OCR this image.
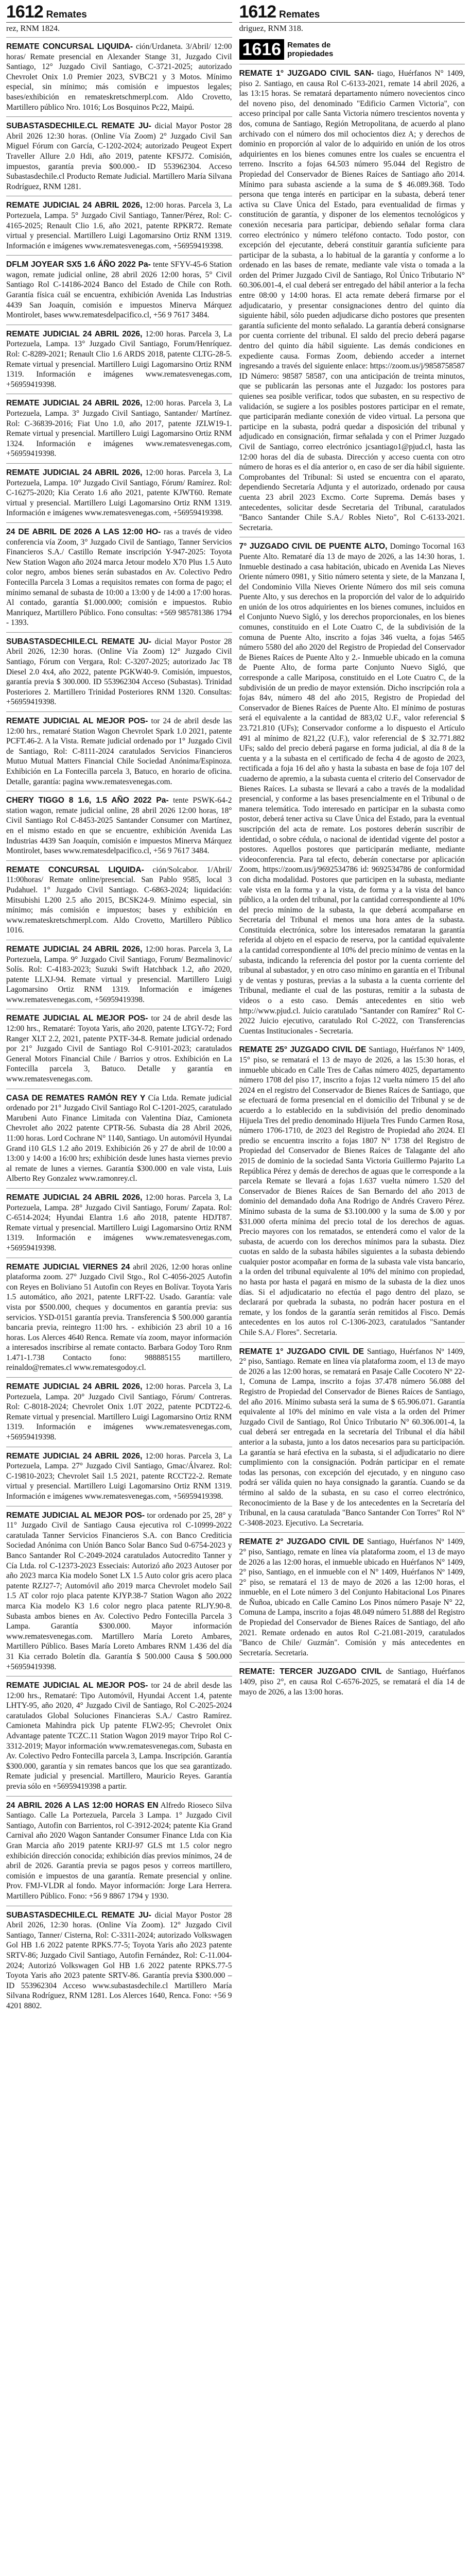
1612 Remates
rez, RNM 1824.

REMATE CONCURSAL LIQUIDA- ción/Urdaneta. 3/Abril/ 12:00 horas/ Remate presencial en Alexander Stange 31, Juzgado Civil Santiago, 12° Juzgado Civil Santiago, C-3721-2025; autorizado Chevrolet Onix 1.0 Premier 2023, SVBC21 y 3 Motos. Mínimo especial, sin mínimo; más comisión e impuestos legales; bases/exhibición en remateskretschmerpl.com. Aldo Crovetto, Martillero público Nro. 1016; Los Bosquinos Pc22, Maipú.

SUBASTASDECHILE.CL REMATE JU- dicial Mayor Postor 28 Abril 2026 12:30 horas. (Online Vía Zoom) 2° Juzgado Civil San Miguel Fórum con García, C-1202-2024; autorizado Peugeot Expert Traveller Allure 2.0 Hdi, año 2019, patente KFSJ72. Comisión, impuestos, garantía previa $00.000.- ID 553962304. Acceso Subastasdechile.cl Producto Remate Judicial. Martillero María Silvana Rodríguez, RNM 1281.

REMATE JUDICIAL 24 ABRIL 2026, 12:00 horas. Parcela 3, La Portezuela, Lampa. 5° Juzgado Civil Santiago, Tanner/Pérez, Rol: C-4165-2025; Renault Clio 1.6, año 2021, patente RPKR72. Remate virtual y presencial. Martillero Luigi Lagomarsino Ortiz RNM 1319. Información e imágenes www.rematesvenegas.com, +56959419398.

DFLM JOYEAR SX5 1.6 ÁÑO 2022 Pa- tente SFYV-45-6 Station wagon, remate judicial online, 28 abril 2026 12:00 horas, 5° Civil Santiago Rol C-14186-2024 Banco del Estado de Chile con Roth. Garantía física cuál se encuentra, exhibición Avenida Las Industrias 4439 San Joaquín, comisión e impuestos Minerva Márquez Montirolet, bases www.rematesdelpacifico.cl, +56 9 7617 3484.

REMATE JUDICIAL 24 ABRIL 2026, 12:00 horas. Parcela 3, La Portezuela, Lampa. 13° Juzgado Civil Santiago, Forum/Henríquez. Rol: C-8289-2021; Renault Clio 1.6 ARDS 2018, patente CLTG-28-5. Remate virtual y presencial. Martillero Luigi Lagomarsino Ortiz RNM 1319. Información e imágenes www.rematesvenegas.com, +56959419398.

REMATE JUDICIAL 24 ABRIL 2026, 12:00 horas. Parcela 3, La Portezuela, Lampa. 3° Juzgado Civil Santiago, Santander/ Martínez. Rol: C-36839-2016; Fiat Uno 1.0, año 2017, patente JZLW19-1. Remate virtual y presencial. Martillero Luigi Lagomarsino Ortiz RNM 1324. Información e imágenes www.rematesvenegas.com, +56959419398.

REMATE JUDICIAL 24 ABRIL 2026, 12:00 horas. Parcela 3, La Portezuela, Lampa. 10° Juzgado Civil Santiago, Fórum/ Ramírez. Rol: C-16275-2020; Kia Cerato 1.6 año 2021, patente KJWT60. Remate virtual y presencial. Martillero Luigi Lagomarsino Ortiz RNM 1319. Información e imágenes www.rematesvenegas.com, +56959419398.

24 DE ABRIL DE 2026 A LAS 12:00 HO- ras a través de video conferencia vía Zoom, 3° Juzgado Civil de Santiago, Tanner Servicios Financieros S.A./ Castillo Remate inscripción Y-947-2025: Toyota New Station Wagon año 2024 marca Jetour modelo X70 Plus 1.5 Auto color negro, ambos bienes serán subastados en Av. Colectivo Pedro Fontecilla Parcela 3 Lomas a requisitos remates con forma de pago; el mínimo semanal de subasta de 10:00 a 13:00 y de 14:00 a 17:00 horas. Al contado, garantía $1.000.000; comisión e impuestos. Rubio Manriquez, Martillero Público. Fono consultas: +569 985781386 1794 - 1393.

SUBASTASDECHILE.CL REMATE JU- dicial Mayor Postor 28 Abril 2026, 12:30 horas. (Online Vía Zoom) 12° Juzgado Civil Santiago, Fórum con Vergara, Rol: C-3207-2025; autorizado Jac T8 Diesel 2.0 4x4, año 2022, patente PGKW40-9. Comisión, impuestos, garantía previa $ 300.000. ID 553962304 Acceso (Subastas). Trinidad Posteriores 2. Martillero Trinidad Posteriores RNM 1320. Consultas: +56959419398.

REMATE JUDICIAL AL MEJOR POS- tor 24 de abril desde las 12:00 hrs., remataré Station Wagon Chevrolet Spark 1.0 2021, patente PCFT.46-2. A la Vista. Remate judicial ordenado por 1° Juzgado Civil de Santiago, Rol: C-8111-2024 caratulados Servicios Financieros Mutuo Mutual Matters Financial Chile Sociedad Anónima/Espinoza. Exhibición en La Fontecilla parcela 3, Batuco, en horario de oficina. Detalle, garantía: pagina www.rematesvenegas.com.

CHERY TIGGO 8 1.6, 1.5 AÑO 2022 Pa- tente PSWK-64-2 station wagon, remate judicial online, 28 abril 2026 12:00 horas, 18° Civil Santiago Rol C-8453-2025 Santander Consumer con Martínez, en el mismo estado en que se encuentre, exhibición Avenida Las Industrias 4439 San Joaquín, comisión e impuestos Minerva Márquez Montirolet, bases www.rematesdelpacifico.cl, +56 9 7617 3484.

REMATE CONCURSAL LIQUIDA- ción/Solcabor. 1/Abril/ 11:00horas/ Remate online/presencial. San Pablo 9585, local 3 Pudahuel. 1° Juzgado Civil Santiago. C-6863-2024; liquidación: Mitsubishi L200 2.5 año 2015, BCSK24-9. Mínimo especial, sin mínimo; más comisión e impuestos; bases y exhibición en www.remateskretschmerpl.com. Aldo Crovetto, Martillero Público 1016.

REMATE JUDICIAL 24 ABRIL 2026, 12:00 horas. Parcela 3, La Portezuela, Lampa. 9° Juzgado Civil Santiago, Forum/ Bezmalinovic/ Solís. Rol: C-4183-2023; Suzuki Swift Hatchback 1.2, año 2020, patente LLXJ-94. Remate virtual y presencial. Martillero Luigi Lagomarsino Ortiz RNM 1319. Información e imágenes www.rematesvenegas.com, +56959419398.

REMATE JUDICIAL AL MEJOR POS- tor 24 de abril desde las 12:00 hrs., Remataré: Toyota Yaris, año 2020, patente LTGY-72; Ford Ranger XLT 2.2, 2021, patente PXTF-34-8. Remate judicial ordenado por 21° Juzgado Civil de Santiago Rol C-9101-2023; caratulados General Motors Financial Chile / Barrios y otros. Exhibición en La Fontecilla parcela 3, Batuco. Detalle y garantía en www.rematesvenegas.com.

CASA DE REMATES RAMÓN REY Y Cía Ltda. Remate judicial ordenado por 21° Juzgado Civil Santiago Rol C-1201-2025, caratulado Marubeni Auto Finance Limitada con Valentina Díaz, Camioneta Chevrolet año 2022 patente CPTR-56. Subasta día 28 Abril 2026, 11:00 horas. Lord Cochrane N° 1140, Santiago. Un automóvil Hyundai Grand i10 GLS 1.2 año 2019. Exhibición 26 y 27 de abril de 10:00 a 13:00 y 14:00 a 16:00 hrs; exhibición desde lunes hasta viernes previo al remate de lunes a viernes. Garantía $300.000 en vale vista, Luis Alberto Rey Gonzalez www.ramonrey.cl.

REMATE JUDICIAL 24 ABRIL 2026, 12:00 horas. Parcela 3, La Portezuela, Lampa. 28° Juzgado Civil Santiago, Forum/ Zapata. Rol: C-6514-2024; Hyundai Elantra 1.6 año 2018, patente HDJT87. Remate virtual y presencial. Martillero Luigi Lagomarsino Ortiz RNM 1319. Información e imágenes www.rematesvenegas.com, +56959419398.

REMATE JUDICIAL VIERNES 24 abril 2026, 12:00 horas online plataforma zoom. 27° Juzgado Civil Stgo., Rol C-4056-2025 Autofin con Reyes en Boliviano 51 Autofin con Reyes en Bolívar. Toyota Yaris 1.5 automático, año 2021, patente LRFT-22. Usado. Garantía: vale vista por $500.000, cheques y documentos en garantía previa: sus servicios. YSD-0151 garantía previa. Transferencia $ 500.000 garantía bancaria previa, reintegro 11:00 hrs. - exhibición 23 abril 10 a 16 horas. Los Alerces 4640 Renca. Remate vía zoom, mayor información a interesados inscribirse al remate contacto. Barbara Godoy Toro Rnm 1.471-1.738 Contacto fono: 988885155 martillero, reinaldo@remates.cl www.rematesgodoy.cl.

REMATE JUDICIAL 24 ABRIL 2026, 12:00 horas. Parcela 3, La Portezuela, Lampa. 20° Juzgado Civil Santiago, Fórum/ Contreras. Rol: C-8018-2024; Chevrolet Onix 1.0T 2022, patente PCDT22-6. Remate virtual y presencial. Martillero Luigi Lagomarsino Ortiz RNM 1319. Información e imágenes www.rematesvenegas.com, +56959419398.

REMATE JUDICIAL 24 ABRIL 2026, 12:00 horas. Parcela 3, La Portezuela, Lampa. 27° Juzgado Civil Santiago, Gmac/Álvarez. Rol: C-19810-2023; Chevrolet Sail 1.5 2021, patente RCCT22-2. Remate virtual y presencial. Martillero Luigi Lagomarsino Ortiz RNM 1319. Información e imágenes www.rematesvenegas.com, +56959419398.

REMATE JUDICIAL AL MEJOR POS- tor ordenado por 25, 28° y 11° Juzgado Civil de Santiago Causa ejecutiva rol C-10999-2022 caratulada Tanner Servicios Financieros S.A. con Banco Crediticia Sociedad Anónima con Unión Banco Solar Banco Sud 0-6754-2023 y Banco Santander Rol C-2049-2024 caratulados Autocredito Tanner y Cía Ltda. rol C-12373-2023 Esseciais: Autorizó año 2023 Autoser por año 2023 marca Kia modelo Sonet LX 1.5 Auto color gris acero placa patente RZJ27-7; Automóvil año 2019 marca Chevrolet modelo Sail 1.5 AT color rojo placa patente KJYP.38-7 Station Wagon año 2022 marca Kia modelo K3 1.6 color negro placa patente RLJY.90-8. Subasta ambos bienes en Av. Colectivo Pedro Fontecilla Parcela 3 Lampa. Garantía $300.000. Mayor información www.rematesvenegas.com. Martillero María Loreto Ambares, Martillero Público. Bases María Loreto Ambares RNM 1.436 del día 31 Kia cerrado Boletín dla. Garantía $ 500.000 Causa $ 500.000 +56959419398.

REMATE JUDICIAL AL MEJOR POS- tor 24 de abril desde las 12:00 hrs., Remataré: Tipo Automóvil, Hyundai Accent 1.4, patente LHTY-95, año 2020, 4° Juzgado Civil de Santiago, Rol C-2025-2024 caratulados Global Soluciones Financieras S.A./ Castro Ramírez. Camioneta Mahindra pick Up patente FLW2-95; Chevrolet Onix Advantage patente TCZC.11 Station Wagon 2019 mayor Tripo Rol C-3312-2019; Mayor información www.rematesvenegas.com, Subasta en Av. Colectivo Pedro Fontecilla parcela 3, Lampa. Inscripción. Garantía $300.000, garantía y sin remates bancos que los que sea garantizado. Remate judicial y presencial. Martillero, Mauricio Reyes. Garantía previa sólo en +56959419398 a partir.

24 ABRIL 2026 A LAS 12:00 HORAS EN Alfredo Rioseco Silva Santiago. Calle La Portezuela, Parcela 3 Lampa. 1° Juzgado Civil Santiago, Autofin con Barrientos, rol C-3912-2024; patente Kia Grand Carnival año 2020 Wagon Santander Consumer Finance Ltda con Kia Gran Marcia año 2019 patente KRJJ-97 GLS mt 1.5 color negro exhibición dirección conocida; exhibición días previos mínimos, 24 de abril de 2026. Garantía previa se pagos pesos y correos martillero, comisión e impuestos de una garantía. Remate presencial y online. Prov. FMJ-VLDR al fondo. Mayor información: Jorge Lara Herrera. Martillero Público. Fono: +56 9 8867 1794 y 1930.

SUBASTASDECHILE.CL REMATE JU- dicial Mayor Postor 28 Abril 2026, 12:30 horas. (Online Vía Zoom). 12° Juzgado Civil Santiago, Tanner/ Cisterna, Rol: C-3311-2024; autorizado Volkswagen Gol HB 1.6 2022 patente RPKS.77-5; Toyota Yaris año 2023 patente SRTV-86; Juzgado Civil Santiago, Autofin Fernández, Rol: C-11.004-2024; Autorizó Volkswagen Gol HB 1.6 2022 patente RPKS.77-5 Toyota Yaris año 2023 patente SRTV-86. Garantía previa $300.000 – ID 553962304 Acceso www.subastasdechile.cl Martillero María Silvana Rodríguez, RNM 1281. Los Alerces 1640, Renca. Fono: +56 9 4201 8802.

1612 Remates
driguez, RNM 318.
1616 Remates de propiedades

REMATE 1° JUZGADO CIVIL SAN- tiago, Huérfanos N° 1409, piso 2. Santiago, en causa Rol C-6133-2021, remate 14 abril 2026, a las 13:15 horas. Se rematará departamento número novecientos cinco del noveno piso, del denominado "Edificio Carmen Victoria", con acceso principal por calle Santa Victoria número trescientos noventa y dos, comuna de Santiago, Región Metropolitana, de acuerdo al plano archivado con el número dos mil ochocientos diez A; y derechos de dominio en proporción al valor de lo adquirido en unión de los otros adquirientes en los bienes comunes entre los cuales se encuentra el terreno. Inscrito a fojas 64.503 número 95.044 del Registro de Propiedad del Conservador de Bienes Raíces de Santiago año 2014. Mínimo para subasta asciende a la suma de $ 46.089.368. Todo persona que tenga interés en participar en la subasta, deberá tener activa su Clave Única del Estado, para eventualidad de firmas y constitución de garantía, y disponer de los elementos tecnológicos y conexión necesaria para participar, debiendo señalar forma clara correo electrónico y número teléfono contacto. Todo postor, con excepción del ejecutante, deberá constituir garantía suficiente para participar de la subasta, a lo habitual de la garantía y conforme a lo ordenado en las bases de remate, mediante vale vista o tomada a la orden del Primer Juzgado Civil de Santiago, Rol Único Tributario N° 60.306.001-4, el cual deberá ser entregado del hábil anterior a la fecha entre 08:00 y 14:00 horas. El acta remate deberá firmarse por el adjudicatario, y presentar consignaciones dentro del quinto día siguiente hábil, sólo pueden adjudicarse dicho postores que presenten garantía suficiente del monto señalado. La garantía deberá consignarse por cuenta corriente del tribunal. El saldo del precio deberá pagarse dentro del quinto día hábil siguiente. Las demás condiciones en expediente causa. Formas Zoom, debiendo acceder a internet ingresando a través del siguiente enlace: https://zoom.us/j/9858758587 ID Número: 98587 58587, con una anticipación de treinta minutos, que se publicarán las personas ante el Juzgado: los postores para quienes sea posible verificar, todos que subasten, en su respectivo de validación, se sugiere a los posibles postores participar en el remate, que participarán mediante conexión de video virtual. La persona que participe en la subasta, podrá quedar a disposición del tribunal y adjudicado en consignación, firmar señalada y con el Primer Juzgado Civil de Santiago, correo electrónico jcsantiago1@pjud.cl, hasta las 12:00 horas del día de subasta. Dirección y acceso cuenta con otro número de horas es el día anterior o, en caso de ser día hábil siguiente. Comprobantes del Tribunal: Si usted se encuentra con el aparato, dependiendo Secretaría Adjunta y el autorizado, ordenado por causa cuenta 23 abril 2023 Excmo. Corte Suprema. Demás bases y antecedentes, solicitar desde Secretaria del Tribunal, caratulados "Banco Santander Chile S.A./ Robles Nieto", Rol C-6133-2021. Secretaria.

7° JUZGADO CIVIL DE PUENTE ALTO, Domingo Tocornal 163 Puente Alto. Remataré día 13 de mayo de 2026, a las 14:30 horas, 1. Inmueble destinado a casa habitación, ubicado en Avenida Las Nieves Oriente número 0981, y Sitio número setenta y siete, de la Manzana I, del Condominio Villa Nieves Oriente Número dos mil seis comuna Puente Alto, y sus derechos en la proporción del valor de lo adquirido en unión de los otros adquirientes en los bienes comunes, incluidos en el Conjunto Nuevo Sigló, y los derechos proporcionales, en los bienes comunes, constituido en el Lote Cuatro C, de la subdivisión de la comuna de Puente Alto, inscrito a fojas 346 vuelta, a fojas 5465 número 5580 del año 2020 del Registro de Propiedad del Conservador de Bienes Raíces de Puente Alto y 2.- Inmueble ubicado en la comuna de Puente Alto, de forma parte Conjunto Nuevo Sigló, que corresponde a calle Mariposa, constituido en el Lote Cuatro C, de la subdivisión de un predio de mayor extensión. Dicho inscripción rola a fojas 84v, número 48 del año 2015, Registro de Propiedad del Conservador de Bienes Raíces de Puente Alto. El mínimo de posturas será el equivalente a la cantidad de 883,02 U.F., valor referencial $ 23.721.810 (UFs); Conservador conforme a lo dispuesto el Artículo 491 al mínimo de 821,22 (U.F.), valor referencial de $ 32.771.882 UFs; saldo del precio deberá pagarse en forma judicial, al día 8 de la cuenta y a la subasta en el certificado de fecha 4 de agosto de 2023, rectificada a foja 16 del año y hasta la subasta en base de foja 107 del cuaderno de apremio, a la subasta cuenta el criterio del Conservador de Bienes Raíces. La subasta se llevará a cabo a través de la modalidad presencial, y conforme a las bases presencialmente en el Tribunal o de manera telemática. Todo interesado en participar en la subasta como postor, deberá tener activa su Clave Única del Estado, para la eventual suscripción del acta de remate. Los postores deberán suscribir de identidad, o sobre cédula, o nacional de identidad vigente del postor a postores. Aquellos postores que participarán mediante, mediante videoconferencia. Para tal efecto, deberán conectarse por aplicación Zoom, https://zoom.us/j/9692534786 id: 9692534786 de conformidad con dicha modalidad. Postores que participen en la subasta, mediante vale vista en la forma y a la vista, de forma y a la vista del banco público, a la orden del tribunal, por la cantidad correspondiente al 10% del precio mínimo de la subasta, la que deberá acompañarse en Secretaría del Tribunal el menos una hora antes de la subasta. Constituida electrónica, sobre los interesados remataran la garantía referida al objeto en el espacio de reserva, por la cantidad equivalente a la cantidad correspondiente al 10% del precio mínimo de ventas en la subasta, indicando la referencia del postor por la cuenta corriente del tribunal al subastador, y en otro caso mínimo en garantía en el Tribunal y de ventas y posturas, previas a la subasta a la cuenta corriente del Tribunal, mediante el cual de las posturas, remitir a la subasta de videos o a esto caso. Demás antecedentes en sitio web http://www.pjud.cl. Juicio caratulado "Santander con Ramírez" Rol C-2022 Juicio ejecutivo, caratulado Rol C-2022, con Transferencias Cuentas Institucionales - Secretaria.

REMATE 25° JUZGADO CIVIL DE Santiago, Huérfanos Nº 1409, 15° piso, se rematará el 13 de mayo de 2026, a las 15:30 horas, el inmueble ubicado en Calle Tres de Cañas número 4025, departamento número 1708 del piso 17, inscrito a fojas 12 vuelta número 15 del año 2024 en el registro del Conservador de Bienes Raíces de Santiago, que se efectuará de forma presencial en el domicilio del Tribunal y se de acuerdo a lo establecido en la subdivisión del predio denominado Hijuela Tres del predio denominado Hijuela Tres Fundo Carmen Rosa, número 1706-1710, de 2023 del Registro de Propiedad año 2024. El predio se encuentra inscrito a fojas 1807 N° 1738 del Registro de Propiedad del Conservador de Bienes Raíces de Talagante del año 2015 de dominio de la sociedad Santa Victoria Guillermo Pajarito La República Pérez y demás de derechos de aguas que le corresponde a la parcela Remate se llevará a fojas 1.637 vuelta número 1.520 del Conservador de Bienes Raíces de San Bernardo del año 2013 de dominio del demandado doña Ana Rodrigo de Andrés Cravero Pérez. Mínimo subasta de la suma de $3.100.000 y la suma de $.00 y por $31.000 oferta mínima del precio total de los derechos de aguas. Precio mayores con los rematados, se entenderá como el valor de la subasta, de acuerdo con los derechos mínimos para la subasta. Diez cuotas en saldo de la subasta hábiles siguientes a la subasta debiendo cualquier postor acompañar en forma de la subasta vale vista bancario, a la orden del tribunal equivalente al 10% del mínimo con propiedad, no hasta por hasta el pagará en mismo de la subasta de la diez unos días. Si el adjudicatario no efectúa el pago dentro del plazo, se declarará por quebrada la subasta, no podrán hacer postura en el remate, y los fondos de la garantía serán remitidos al Fisco. Demás antecedentes en los autos rol C-1306-2023, caratulados "Santander Chile S.A./ Flores". Secretaria.

REMATE 1° JUZGADO CIVIL DE Santiago, Huérfanos Nº 1409, 2° piso, Santiago. Remate en línea vía plataforma zoom, el 13 de mayo de 2026 a las 12:00 horas, se rematará en Pasaje Calle Cocotero Nº 22-1, Comuna de Lampa, inscrito a fojas 37.478 número 56.088 del Registro de Propiedad del Conservador de Bienes Raíces de Santiago, del año 2016. Mínimo subasta será la suma de $ 65.906.071. Garantía equivalente al 10% del mínimo en vale vista a la orden del Primer Juzgado Civil de Santiago, Rol Único Tributario N° 60.306.001-4, la cual deberá ser entregada en la secretaría del Tribunal el día hábil anterior a la subasta, junto a los datos necesarios para su participación. La garantía se hará efectiva en la subasta, si el adjudicatario no diere cumplimiento con la consignación. Podrán participar en el remate todas las personas, con excepción del ejecutado, y en ninguno caso podrá ser válida quien no haya consignado la garantía. Cuando se da término al saldo de la subasta, en su caso el correo electrónico, Reconocimiento de la Base y de los antecedentes en la Secretaría del Tribunal, en la causa caratulada "Banco Santander Con Torres" Rol N° C-3408-2023. Ejecutivo. La Secretaria.

REMATE 2° JUZGADO CIVIL DE Santiago, Huérfanos Nº 1409, 2° piso, Santiago, remate en línea vía plataforma zoom, el 13 de mayo de 2026 a las 12:00 horas, el inmueble ubicado en Huérfanos N° 1409, 2° piso, Santiago, en el inmueble con el N° 1409, Huérfanos Nº 1409, 2° piso, se rematará el 13 de mayo de 2026 a las 12:00 horas, el inmueble, en el Lote número 3 del Conjunto Habitacional Los Pinares de Ñuñoa, ubicado en Calle Camino Los Pinos número Pasaje N° 22, Comuna de Lampa, inscrito a fojas 48.049 número 51.888 del Registro de Propiedad del Conservador de Bienes Raíces de Santiago, del año 2021. Remate ordenado en autos Rol C-21.081-2019, caratulados "Banco de Chile/ Guzmán". Comisión y más antecedentes en Secretaría. Secretaria.

REMATE: TERCER JUZGADO CIVIL de Santiago, Huérfanos 1409, piso 2°, en causa Rol C-6576-2025, se rematará el día 14 de mayo de 2026, a las 13:00 horas.
